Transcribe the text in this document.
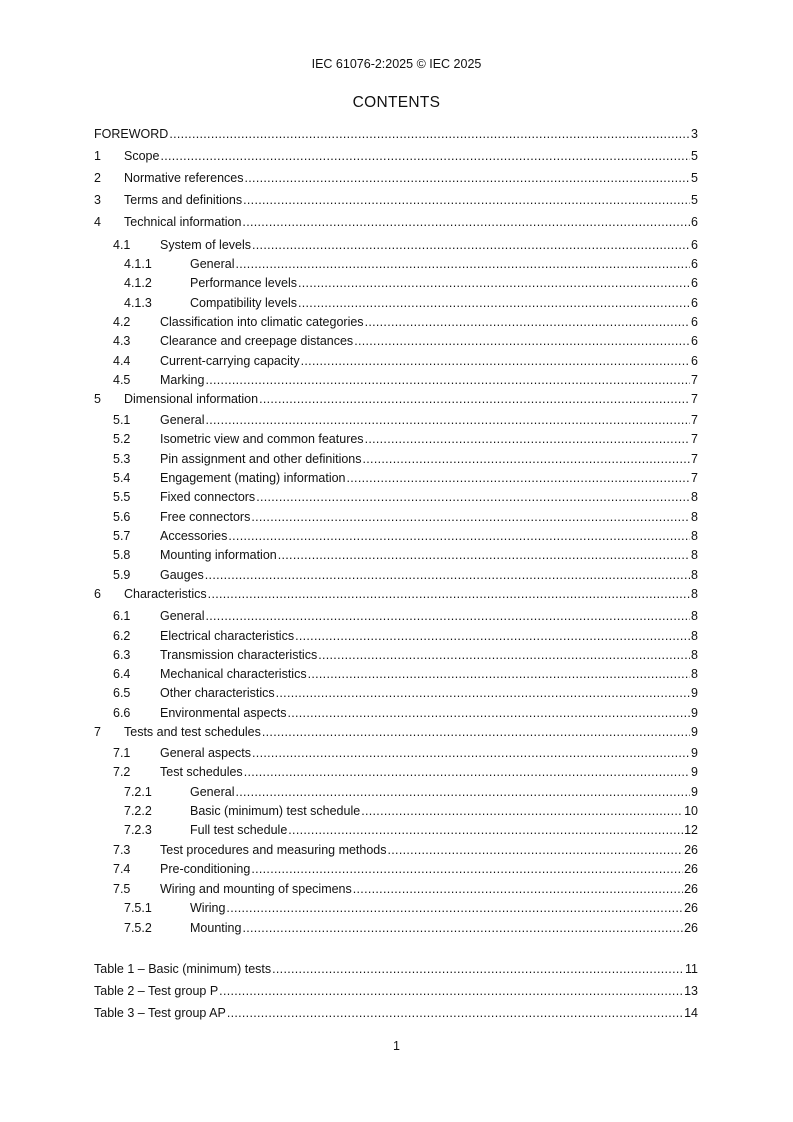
IEC 61076-2:2025 © IEC 2025
CONTENTS
FOREWORD .....	3
1	Scope .....	5
2	Normative references .....	5
3	Terms and definitions .....	5
4	Technical information .....	6
4.1 System of levels .....	6
4.1.1	General .....	6
4.1.2	Performance levels .....	6
4.1.3	Compatibility levels .....	6
4.2 Classification into climatic categories .....	6
4.3 Clearance and creepage distances .....	6
4.4 Current-carrying capacity .....	6
4.5 Marking .....	7
5	Dimensional information .....	7
5.1 General .....	7
5.2 Isometric view and common features .....	7
5.3 Pin assignment and other definitions .....	7
5.4 Engagement (mating) information .....	7
5.5 Fixed connectors .....	8
5.6 Free connectors .....	8
5.7 Accessories .....	8
5.8 Mounting information .....	8
5.9 Gauges .....	8
6	Characteristics .....	8
6.1 General .....	8
6.2 Electrical characteristics .....	8
6.3 Transmission characteristics .....	8
6.4 Mechanical characteristics .....	8
6.5 Other characteristics .....	9
6.6 Environmental aspects .....	9
7	Tests and test schedules .....	9
7.1 General aspects .....	9
7.2 Test schedules .....	9
7.2.1	General .....	9
7.2.2	Basic (minimum) test schedule .....	10
7.2.3	Full test schedule .....	12
7.3 Test procedures and measuring methods .....	26
7.4 Pre-conditioning .....	26
7.5 Wiring and mounting of specimens .....	26
7.5.1	Wiring .....	26
7.5.2	Mounting .....	26
Table 1 – Basic (minimum) tests .....	11
Table 2 – Test group P .....	13
Table 3 – Test group AP .....	14
1
